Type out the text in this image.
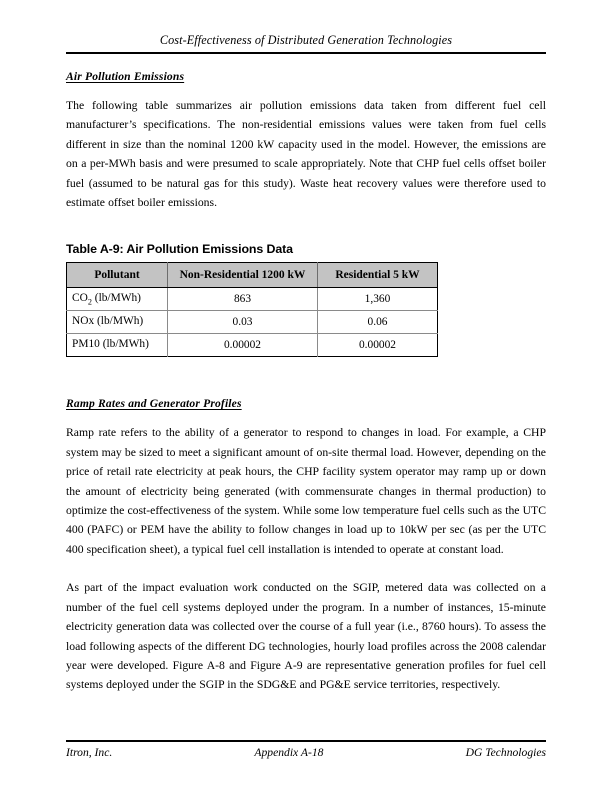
Cost-Effectiveness of Distributed Generation Technologies
Air Pollution Emissions

The following table summarizes air pollution emissions data taken from different fuel cell manufacturer’s specifications. The non-residential emissions values were taken from fuel cells different in size than the nominal 1200 kW capacity used in the model. However, the emissions are on a per-MWh basis and were presumed to scale appropriately. Note that CHP fuel cells offset boiler fuel (assumed to be natural gas for this study). Waste heat recovery values were therefore used to estimate offset boiler emissions.

Table A-9: Air Pollution Emissions Data
Pollutant	Non-Residential 1200 kW	Residential 5 kW
$CO_2$ (lb/MWh)	863	1,360
NOx (lb/MWh)	0.03	0.06
PM10 (lb/MWh)	0.00002	0.00002
Ramp Rates and Generator Profiles

Ramp rate refers to the ability of a generator to respond to changes in load. For example, a CHP system may be sized to meet a significant amount of on-site thermal load. However, depending on the price of retail rate electricity at peak hours, the CHP facility system operator may ramp up or down the amount of electricity being generated (with commensurate changes in thermal production) to optimize the cost-effectiveness of the system. While some low temperature fuel cells such as the UTC 400 (PAFC) or PEM have the ability to follow changes in load up to 10kW per sec (as per the UTC 400 specification sheet), a typical fuel cell installation is intended to operate at constant load.

As part of the impact evaluation work conducted on the SGIP, metered data was collected on a number of the fuel cell systems deployed under the program. In a number of instances, 15-minute electricity generation data was collected over the course of a full year (i.e., 8760 hours). To assess the load following aspects of the different DG technologies, hourly load profiles across the 2008 calendar year were developed. Figure A-8 and Figure A-9 are representative generation profiles for fuel cell systems deployed under the SGIP in the SDG&E and PG&E service territories, respectively.

Itron, Inc.	Appendix A-18	DG Technologies
